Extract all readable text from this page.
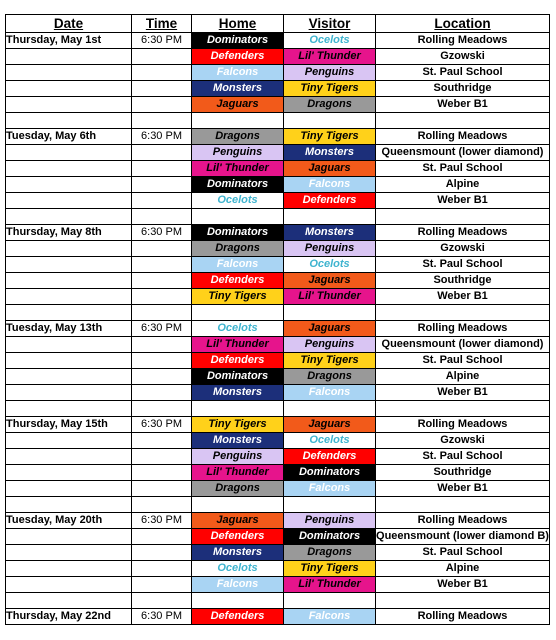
Date	Time	Home	Visitor	Location
Thursday, May 1st	6:30 PM	Dominators	Ocelots	Rolling Meadows
		Defenders	Lil' Thunder	Gzowski
		Falcons	Penguins	St. Paul School
		Monsters	Tiny Tigers	Southridge
		Jaguars	Dragons	Weber B1

Tuesday, May 6th	6:30 PM	Dragons	Tiny Tigers	Rolling Meadows
		Penguins	Monsters	Queensmount (lower diamond)
		Lil' Thunder	Jaguars	St. Paul School
		Dominators	Falcons	Alpine
		Ocelots	Defenders	Weber B1

Thursday, May 8th	6:30 PM	Dominators	Monsters	Rolling Meadows
		Dragons	Penguins	Gzowski
		Falcons	Ocelots	St. Paul School
		Defenders	Jaguars	Southridge
		Tiny Tigers	Lil' Thunder	Weber B1

Tuesday, May 13th	6:30 PM	Ocelots	Jaguars	Rolling Meadows
		Lil' Thunder	Penguins	Queensmount (lower diamond)
		Defenders	Tiny Tigers	St. Paul School
		Dominators	Dragons	Alpine
		Monsters	Falcons	Weber B1

Thursday, May 15th	6:30 PM	Tiny Tigers	Jaguars	Rolling Meadows
		Monsters	Ocelots	Gzowski
		Penguins	Defenders	St. Paul School
		Lil' Thunder	Dominators	Southridge
		Dragons	Falcons	Weber B1

Tuesday, May 20th	6:30 PM	Jaguars	Penguins	Rolling Meadows
		Defenders	Dominators	Queensmount (lower diamond B)
		Monsters	Dragons	St. Paul School
		Ocelots	Tiny Tigers	Alpine
		Falcons	Lil' Thunder	Weber B1

Thursday, May 22nd	6:30 PM	Defenders	Falcons	Rolling Meadows
